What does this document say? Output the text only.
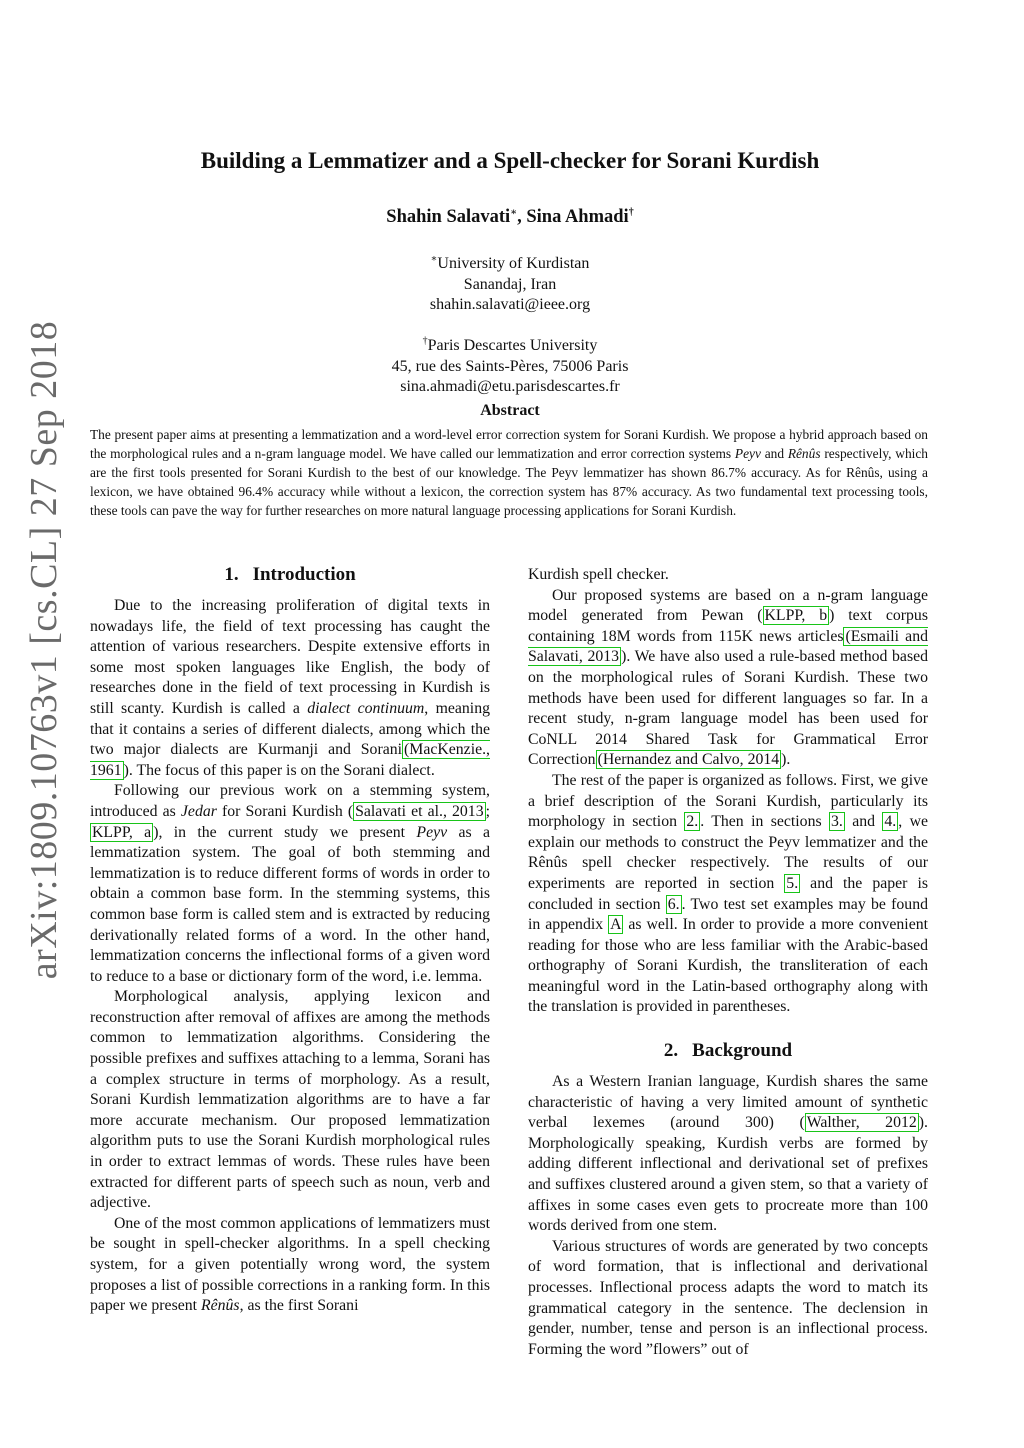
arXiv:1809.10763v1 [cs.CL] 27 Sep 2018
Building a Lemmatizer and a Spell-checker for Sorani Kurdish
Shahin Salavati∗, Sina Ahmadi†
∗University of Kurdistan
Sanandaj, Iran
shahin.salavati@ieee.org
†Paris Descartes University
45, rue des Saints-Pères, 75006 Paris
sina.ahmadi@etu.parisdescartes.fr
Abstract

The present paper aims at presenting a lemmatization and a word-level error correction system for Sorani Kurdish. We propose a hybrid approach based on the morphological rules and a n-gram language model. We have called our lemmatization and error correction systems Peyv and Rênûs respectively, which are the first tools presented for Sorani Kurdish to the best of our knowledge. The Peyv lemmatizer has shown 86.7% accuracy. As for Rênûs, using a lexicon, we have obtained 96.4% accuracy while without a lexicon, the correction system has 87% accuracy. As two fundamental text processing tools, these tools can pave the way for further researches on more natural language processing applications for Sorani Kurdish.

1. Introduction

Due to the increasing proliferation of digital texts in nowadays life, the field of text processing has caught the attention of various researchers. Despite extensive efforts in some most spoken languages like English, the body of researches done in the field of text processing in Kurdish is still scanty. Kurdish is called a dialect continuum, meaning that it contains a series of different dialects, among which the two major dialects are Kurmanji and Sorani (MacKenzie., 1961 ). The focus of this paper is on the Sorani dialect.

Following our previous work on a stemming system, introduced as Jedar for Sorani Kurdish ( Salavati et al., 2013 ; KLPP, a ), in the current study we present Peyv as a lemmatization system. The goal of both stemming and lemmatization is to reduce different forms of words in order to obtain a common base form. In the stemming systems, this common base form is called stem and is extracted by reducing derivationally related forms of a word. In the other hand, lemmatization concerns the inflectional forms of a given word to reduce to a base or dictionary form of the word, i.e. lemma.

Morphological analysis, applying lexicon and reconstruction after removal of affixes are among the methods common to lemmatization algorithms. Considering the possible prefixes and suffixes attaching to a lemma, Sorani has a complex structure in terms of morphology. As a result, Sorani Kurdish lemmatization algorithms are to have a far more accurate mechanism. Our proposed lemmatization algorithm puts to use the Sorani Kurdish morphological rules in order to extract lemmas of words. These rules have been extracted for different parts of speech such as noun, verb and adjective.

One of the most common applications of lemmatizers must be sought in spell-checker algorithms. In a spell checking system, for a given potentially wrong word, the system proposes a list of possible corrections in a ranking form. In this paper we present Rênûs, as the first Sorani

Kurdish spell checker.

Our proposed systems are based on a n-gram language model generated from Pewan ( KLPP, b ) text corpus containing 18M words from 115K news articles (Esmaili and Salavati, 2013 ). We have also used a rule-based method based on the morphological rules of Sorani Kurdish. These two methods have been used for different languages so far. In a recent study, n-gram language model has been used for CoNLL 2014 Shared Task for Grammatical Error Correction (Hernandez and Calvo, 2014 ).

The rest of the paper is organized as follows. First, we give a brief description of the Sorani Kurdish, particularly its morphology in section 2. . Then in sections 3. and 4. , we explain our methods to construct the Peyv lemmatizer and the Rênûs spell checker respectively. The results of our experiments are reported in section 5. and the paper is concluded in section 6. . Two test set examples may be found in appendix A as well. In order to provide a more convenient reading for those who are less familiar with the Arabic-based orthography of Sorani Kurdish, the transliteration of each meaningful word in the Latin-based orthography along with the translation is provided in parentheses.

2. Background

As a Western Iranian language, Kurdish shares the same characteristic of having a very limited amount of synthetic verbal lexemes (around 300) ( Walther, 2012 ). Morphologically speaking, Kurdish verbs are formed by adding different inflectional and derivational set of prefixes and suffixes clustered around a given stem, so that a variety of affixes in some cases even gets to procreate more than 100 words derived from one stem.

Various structures of words are generated by two concepts of word formation, that is inflectional and derivational processes. Inflectional process adapts the word to match its grammatical category in the sentence. The declension in gender, number, tense and person is an inflectional process. Forming the word ”flowers” out of
